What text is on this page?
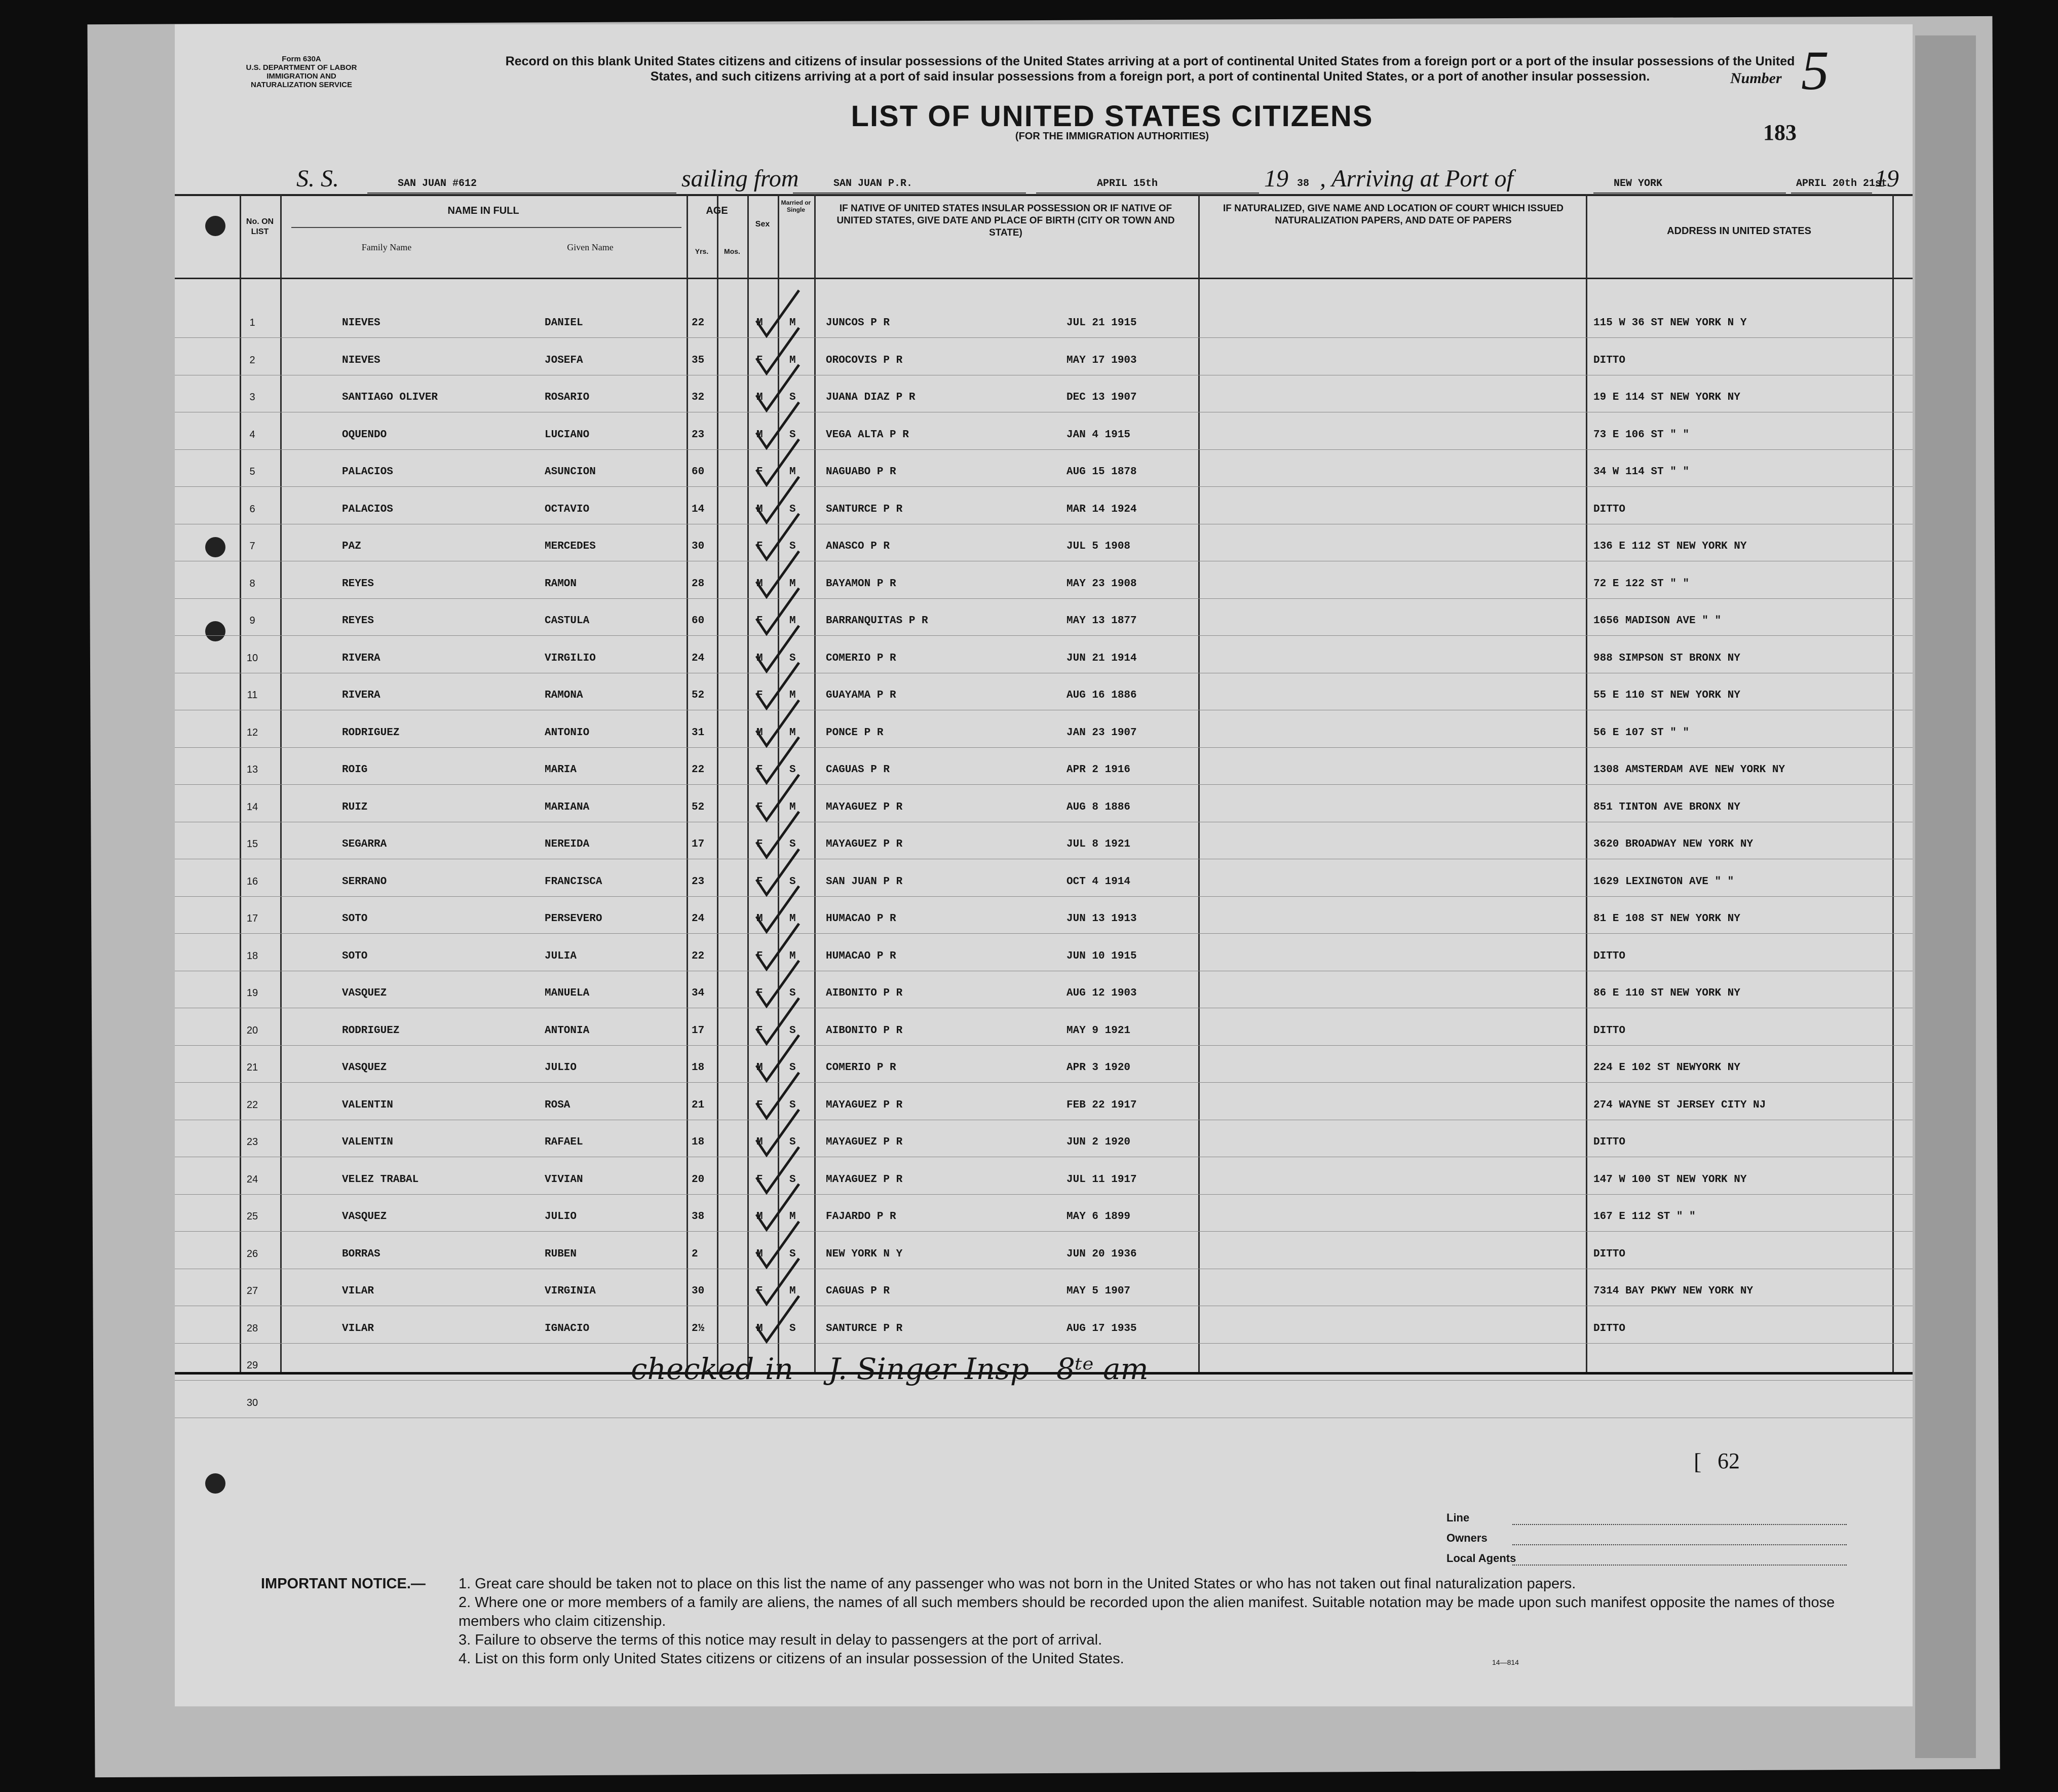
Form 630A
U.S. DEPARTMENT OF LABOR
IMMIGRATION AND
NATURALIZATION SERVICE
Record on this blank United States citizens and citizens of insular possessions of the United States arriving at a port of continental United States from a foreign port or a port of the insular possessions of the United States, and such citizens arriving at a port of said insular possessions from a foreign port, a port of continental United States, or a port of another insular possession.	Number 5
LIST OF UNITED STATES CITIZENS
(FOR THE IMMIGRATION AUTHORITIES)	183
S. S.	SAN JUAN #612	sailing from	SAN JUAN P.R.	APRIL 15th	19 38 , Arriving at Port of	NEW YORK	APRIL 20th 21st
19
No. ON LIST
NAME IN FULL
Family Name	Given Name
AGE
Yrs.	Mos.
Sex
Married or Single	IF NATIVE OF UNITED STATES INSULAR POSSESSION OR IF NATIVE OF UNITED STATES, GIVE DATE AND PLACE OF BIRTH (CITY OR TOWN AND STATE)
IF NATURALIZED, GIVE NAME AND LOCATION OF COURT WHICH ISSUED NATURALIZATION PAPERS, AND DATE OF PAPERS
ADDRESS IN UNITED STATES
1	NIEVES	DANIEL	22	M M	JUNCOS P R	JUL 21 1915	115 W 36 ST NEW YORK N Y
2	NIEVES	JOSEFA	35	F M	OROCOVIS P R	MAY 17 1903	DITTO
3	SANTIAGO OLIVER	ROSARIO	32	M S	JUANA DIAZ P R	DEC 13 1907	19 E 114 ST NEW YORK NY
4	OQUENDO	LUCIANO	23	M S	VEGA ALTA P R	JAN 4 1915	73 E 106 ST " "
5	PALACIOS	ASUNCION	60	F M	NAGUABO P R	AUG 15 1878	34 W 114 ST " "
6	PALACIOS	OCTAVIO	14	M S	SANTURCE P R	MAR 14 1924	DITTO
7	PAZ	MERCEDES	30	F S	ANASCO P R	JUL 5 1908	136 E 112 ST NEW YORK NY
8	REYES	RAMON	28	M M	BAYAMON P R	MAY 23 1908	72 E 122 ST " "
9	REYES	CASTULA	60	F M	BARRANQUITAS P R	MAY 13 1877	1656 MADISON AVE " "
10	RIVERA	VIRGILIO	24	M S	COMERIO P R	JUN 21 1914	988 SIMPSON ST BRONX NY
11	RIVERA	RAMONA	52	F M	GUAYAMA P R	AUG 16 1886	55 E 110 ST NEW YORK NY
12	RODRIGUEZ	ANTONIO	31	M M	PONCE P R	JAN 23 1907	56 E 107 ST " "
13	ROIG	MARIA	22	F S	CAGUAS P R	APR 2 1916	1308 AMSTERDAM AVE NEW YORK NY
14	RUIZ	MARIANA	52	F M	MAYAGUEZ P R	AUG 8 1886	851 TINTON AVE BRONX NY
15	SEGARRA	NEREIDA	17	F S	MAYAGUEZ P R	JUL 8 1921	3620 BROADWAY NEW YORK NY
16	SERRANO	FRANCISCA	23	F S	SAN JUAN P R	OCT 4 1914	1629 LEXINGTON AVE " "
17	SOTO	PERSEVERO	24	M M	HUMACAO P R	JUN 13 1913	81 E 108 ST NEW YORK NY
18	SOTO	JULIA	22	F M	HUMACAO P R	JUN 10 1915	DITTO
19	VASQUEZ	MANUELA	34	F S	AIBONITO P R	AUG 12 1903	86 E 110 ST NEW YORK NY
20	RODRIGUEZ	ANTONIA	17	F S	AIBONITO P R	MAY 9 1921	DITTO
21	VASQUEZ	JULIO	18	M S	COMERIO P R	APR 3 1920	224 E 102 ST NEWYORK NY
22	VALENTIN	ROSA	21	F S	MAYAGUEZ P R	FEB 22 1917	274 WAYNE ST JERSEY CITY NJ
23	VALENTIN	RAFAEL	18	M S	MAYAGUEZ P R	JUN 2 1920	DITTO
24	VELEZ TRABAL	VIVIAN	20	F S	MAYAGUEZ P R	JUL 11 1917	147 W 100 ST NEW YORK NY
25	VASQUEZ	JULIO	38	M M	FAJARDO P R	MAY 6 1899	167 E 112 ST " "
26	BORRAS	RUBEN	2	M S	NEW YORK N Y	JUN 20 1936	DITTO
27	VILAR	VIRGINIA	30	F M	CAGUAS P R	MAY 5 1907	7314 BAY PKWY NEW YORK NY
28	VILAR	IGNACIO	2½	M S	SANTURCE P R	AUG 17 1935	DITTO
29
30
checked in J. Singer Insp 8ᵗᵉ am
[ 62
Line
Owners
Local Agents
IMPORTANT NOTICE.— 1. Great care should be taken not to place on this list the name of any passenger who was not born in the United States or who has not taken out final naturalization papers.

2. Where one or more members of a family are aliens, the names of all such members should be recorded upon the alien manifest. Suitable notation may be made upon such manifest opposite the names of those members who claim citizenship.

3. Failure to observe the terms of this notice may result in delay to passengers at the port of arrival.

4. List on this form only United States citizens or citizens of an insular possession of the United States.	14—814
